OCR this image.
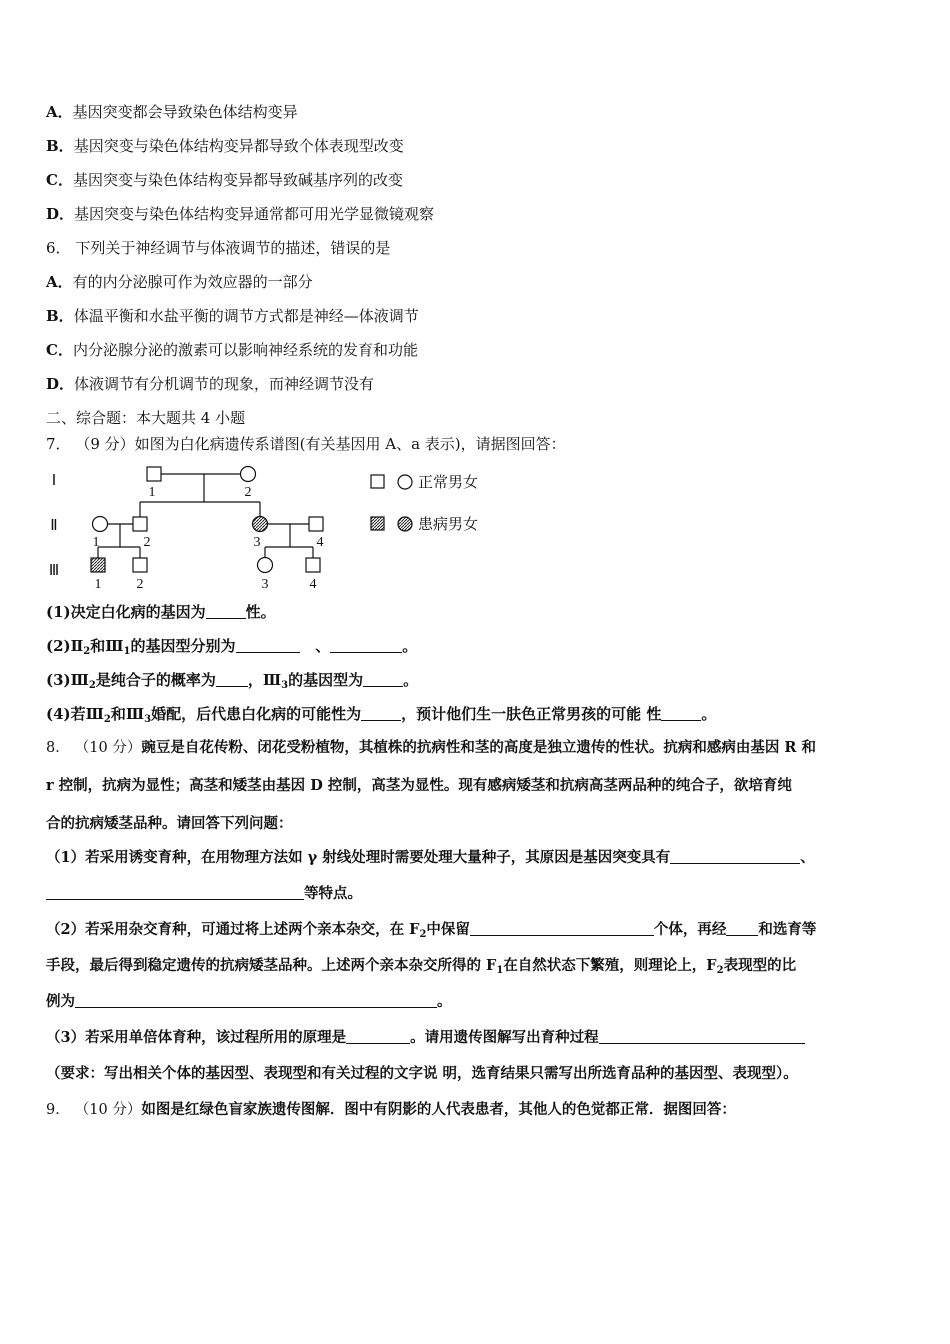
A．基因突变都会导致染色体结构变异
B．基因突变与染色体结构变异都导致个体表现型改变
C．基因突变与染色体结构变异都导致碱基序列的改变
D．基因突变与染色体结构变异通常都可用光学显微镜观察
6． 下列关于神经调节与体液调节的描述，错误的是
A．有的内分泌腺可作为效应器的一部分
B．体温平衡和水盐平衡的调节方式都是神经—体液调节
C．内分泌腺分泌的激素可以影响神经系统的发育和功能
D．体液调节有分机调节的现象，而神经调节没有
二、综合题：本大题共 4 小题
7． （9 分）如图为白化病遗传系谱图(有关基因用 A、a 表示)，请据图回答：
Ⅰ
Ⅱ
Ⅲ
1	2
1	2	3	4
1	2	3	4
正常男女
患病男女
(1)决定白化病的基因为	性。
$(2)Ⅱ_2$和$Ⅲ_1$的基因型分别为	、	。
$(3)Ⅲ_2$是纯合子的概率为 ，$Ⅲ_3$的基因型为	。
(4)若$Ⅲ_2$和$Ⅲ_3$婚配，后代患白化病的可能性为	，预计他们生一肤色正常男孩的可能 性	。
8． （10 分）豌豆是自花传粉、闭花受粉植物，其植株的抗病性和茎的高度是独立遗传的性状。抗病和感病由基因 R 和
r 控制，抗病为显性；高茎和矮茎由基因 D 控制，高茎为显性。现有感病矮茎和抗病高茎两品种的纯合子，欲培育纯
合的抗病矮茎品种。请回答下列问题：
（1）若采用诱变育种，在用物理方法如 γ 射线处理时需要处理大量种子，其原因是基因突变具有	、
等特点。
（2）若采用杂交育种，可通过将上述两个亲本杂交，在 $F_2$中保留	个体，再经 和选育等
手段，最后得到稳定遗传的抗病矮茎品种。上述两个亲本杂交所得的 $F_1$在自然状态下繁殖，则理论上，$F_2$表现型的比
例为	。
（3）若采用单倍体育种，该过程所用的原理是	。请用遗传图解写出育种过程
（要求：写出相关个体的基因型、表现型和有关过程的文字说 明，选育结果只需写出所选育品种的基因型、表现型）。
9． （10 分）如图是红绿色盲家族遗传图解．图中有阴影的人代表患者，其他人的色觉都正常．据图回答：
